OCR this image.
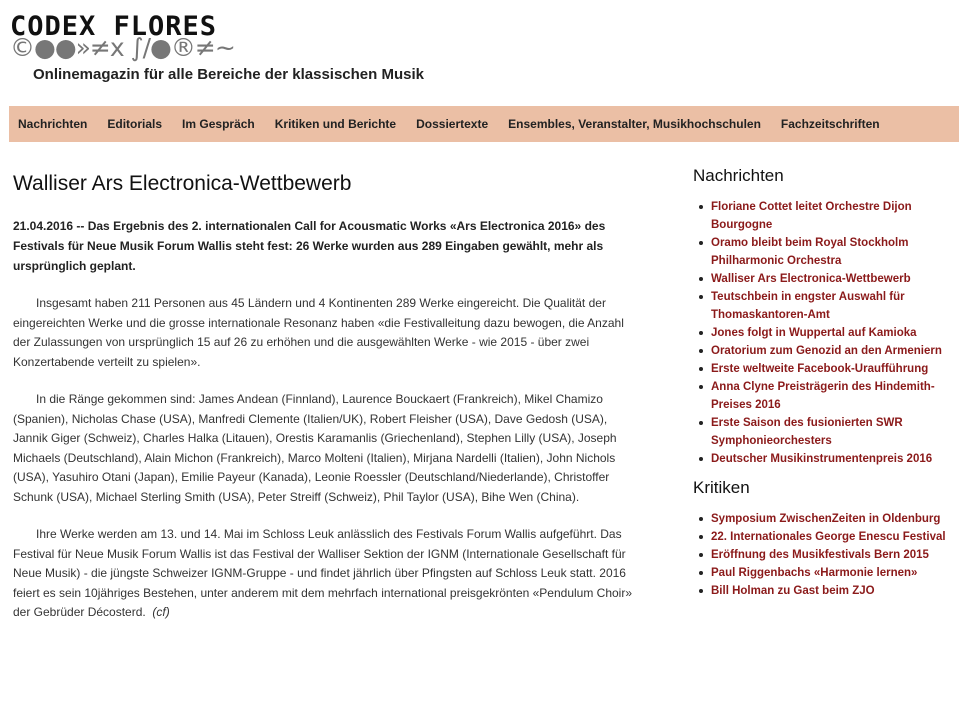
CODEX FLORES
©●●»≠x ∫/●®≠~
Onlinemagazin für alle Bereiche der klassischen Musik
Nachrichten	Editorials	Im Gespräch	Kritiken und Berichte	Dossiertexte	Ensembles, Veranstalter, Musikhochschulen	Fachzeitschriften
Walliser Ars Electronica-Wettbewerb

21.04.2016 -- Das Ergebnis des 2. internationalen Call for Acousmatic Works «Ars Electronica 2016» des Festivals für Neue Musik Forum Wallis steht fest: 26 Werke wurden aus 289 Eingaben gewählt, mehr als ursprünglich geplant.

Insgesamt haben 211 Personen aus 45 Ländern und 4 Kontinenten 289 Werke eingereicht. Die Qualität der eingereichten Werke und die grosse internationale Resonanz haben «die Festivalleitung dazu bewogen, die Anzahl der Zulassungen von ursprünglich 15 auf 26 zu erhöhen und die ausgewählten Werke - wie 2015 - über zwei Konzertabende verteilt zu spielen».

In die Ränge gekommen sind: James Andean (Finnland), Laurence Bouckaert (Frankreich), Mikel Chamizo (Spanien), Nicholas Chase (USA), Manfredi Clemente (Italien/UK), Robert Fleisher (USA), Dave Gedosh (USA), Jannik Giger (Schweiz), Charles Halka (Litauen), Orestis Karamanlis (Griechenland), Stephen Lilly (USA), Joseph Michaels (Deutschland), Alain Michon (Frankreich), Marco Molteni (Italien), Mirjana Nardelli (Italien), John Nichols (USA), Yasuhiro Otani (Japan), Emilie Payeur (Kanada), Leonie Roessler (Deutschland/Niederlande), Christoffer Schunk (USA), Michael Sterling Smith (USA), Peter Streiff (Schweiz), Phil Taylor (USA), Bihe Wen (China).

Ihre Werke werden am 13. und 14. Mai im Schloss Leuk anlässlich des Festivals Forum Wallis aufgeführt. Das Festival für Neue Musik Forum Wallis ist das Festival der Walliser Sektion der IGNM (Internationale Gesellschaft für Neue Musik) - die jüngste Schweizer IGNM-Gruppe - und findet jährlich über Pfingsten auf Schloss Leuk statt. 2016 feiert es sein 10jähriges Bestehen, unter anderem mit dem mehrfach international preisgekrönten «Pendulum Choir» der Gebrüder Décosterd. (cf)

Nachrichten
Floriane Cottet leitet Orchestre Dijon Bourgogne
Oramo bleibt beim Royal Stockholm Philharmonic Orchestra
Walliser Ars Electronica-Wettbewerb
Teutschbein in engster Auswahl für Thomaskantoren-Amt
Jones folgt in Wuppertal auf Kamioka
Oratorium zum Genozid an den Armeniern
Erste weltweite Facebook-Uraufführung
Anna Clyne Preisträgerin des Hindemith-Preises 2016
Erste Saison des fusionierten SWR Symphonieorchesters
Deutscher Musikinstrumentenpreis 2016
Kritiken
Symposium ZwischenZeiten in Oldenburg
22. Internationales George Enescu Festival
Eröffnung des Musikfestivals Bern 2015
Paul Riggenbachs «Harmonie lernen»
Bill Holman zu Gast beim ZJO
